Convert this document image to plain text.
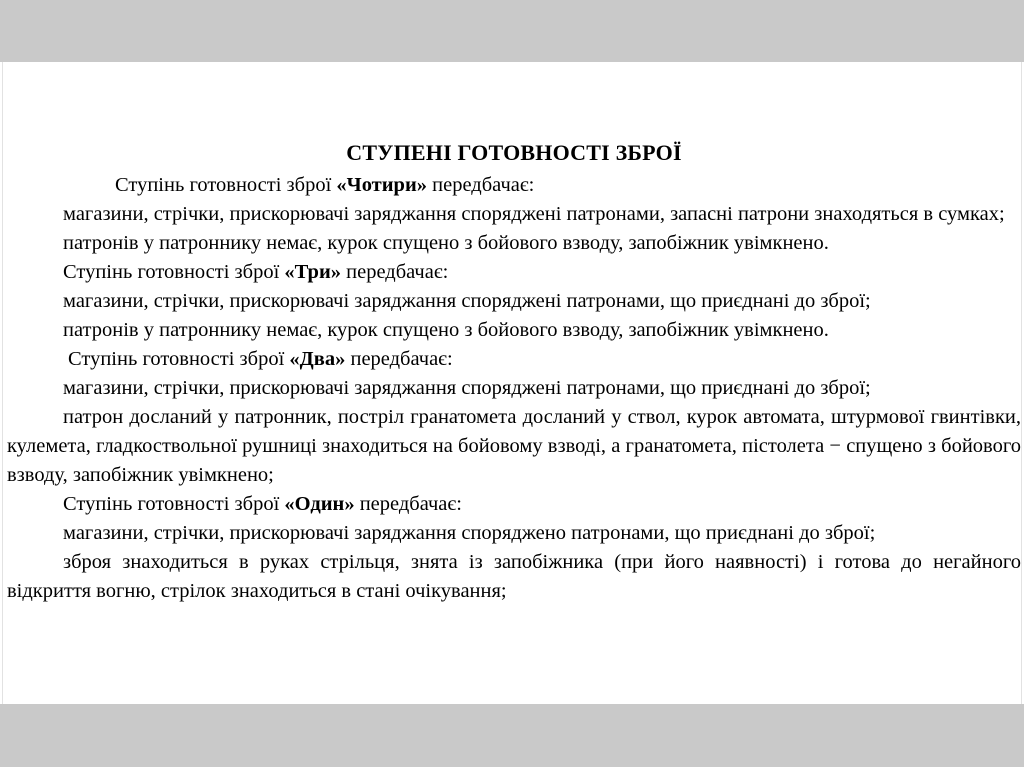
СТУПЕНІ ГОТОВНОСТІ ЗБРОЇ

Ступінь готовності зброї «Чотири» передбачає:

магазини, стрічки, прискорювачі заряджання споряджені патронами, запасні патрони знаходяться в сумках;

патронів у патроннику немає, курок спущено з бойового взводу, запобіжник увімкнено.

Ступінь готовності зброї «Три» передбачає:

магазини, стрічки, прискорювачі заряджання споряджені патронами, що приєднані до зброї;

патронів у патроннику немає, курок спущено з бойового взводу, запобіжник увімкнено.

Ступінь готовності зброї «Два» передбачає:

магазини, стрічки, прискорювачі заряджання споряджені патронами, що приєднані до зброї;

патрон досланий у патронник, постріл гранатомета досланий у ствол, курок автомата, штурмової гвинтівки, кулемета, гладкоствольної рушниці знаходиться на бойовому взводі, а гранатомета, пістолета − спущено з бойового взводу, запобіжник увімкнено;

Ступінь готовності зброї «Один» передбачає:

магазини, стрічки, прискорювачі заряджання споряджено патронами, що приєднані до зброї;

зброя знаходиться в руках стрільця, знята із запобіжника (при його наявності) і готова до негайного відкриття вогню, стрілок знаходиться в стані очікування;
